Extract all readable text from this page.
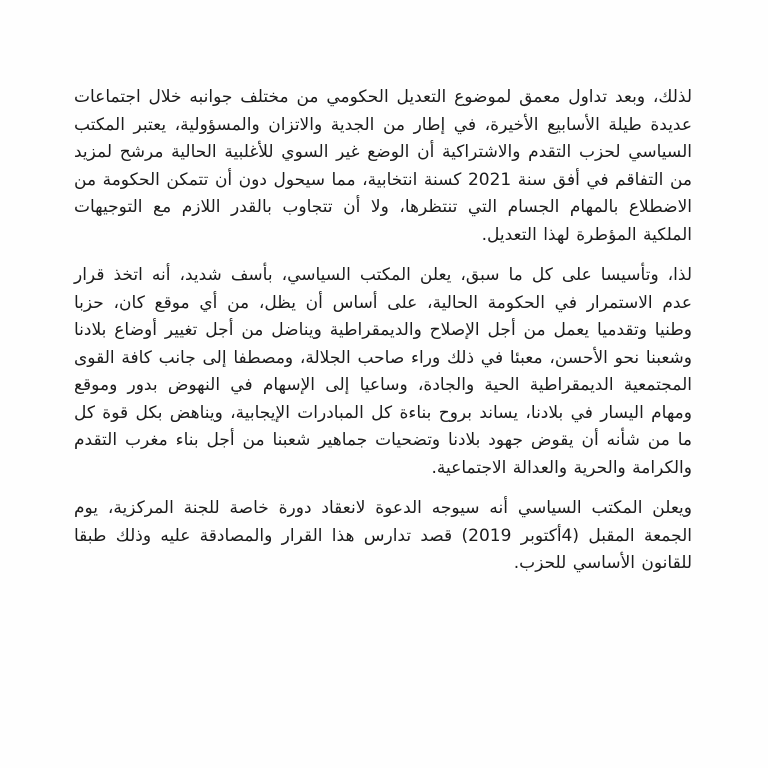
لذلك، وبعد تداول معمق لموضوع التعديل الحكومي من مختلف جوانبه خلال اجتماعات عديدة طيلة الأسابيع الأخيرة، في إطار من الجدية والاتزان والمسؤولية، يعتبر المكتب السياسي لحزب التقدم والاشتراكية أن الوضع غير السوي للأغلبية الحالية مرشح لمزيد من التفاقم في أفق سنة 2021 كسنة انتخابية، مما سيحول دون أن تتمكن الحكومة من الاضطلاع بالمهام الجسام التي تنتظرها، ولا أن تتجاوب بالقدر اللازم مع التوجيهات الملكية المؤطرة لهذا التعديل.

لذا، وتأسيسا على كل ما سبق، يعلن المكتب السياسي، بأسف شديد، أنه اتخذ قرار عدم الاستمرار في الحكومة الحالية، على أساس أن يظل، من أي موقع كان، حزبا وطنيا وتقدميا يعمل من أجل الإصلاح والديمقراطية ويناضل من أجل تغيير أوضاع بلادنا وشعبنا نحو الأحسن، معبئا في ذلك وراء صاحب الجلالة، ومصطفا إلى جانب كافة القوى المجتمعية الديمقراطية الحية والجادة، وساعيا إلى الإسهام في النهوض بدور وموقع ومهام اليسار في بلادنا، يساند بروح بناءة كل المبادرات الإيجابية، ويناهض بكل قوة كل ما من شأنه أن يقوض جهود بلادنا وتضحيات جماهير شعبنا من أجل بناء مغرب التقدم والكرامة والحرية والعدالة الاجتماعية.

ويعلن المكتب السياسي أنه سيوجه الدعوة لانعقاد دورة خاصة للجنة المركزية، يوم الجمعة المقبل (4أكتوبر 2019) قصد تدارس هذا القرار والمصادقة عليه وذلك طبقا للقانون الأساسي للحزب.
